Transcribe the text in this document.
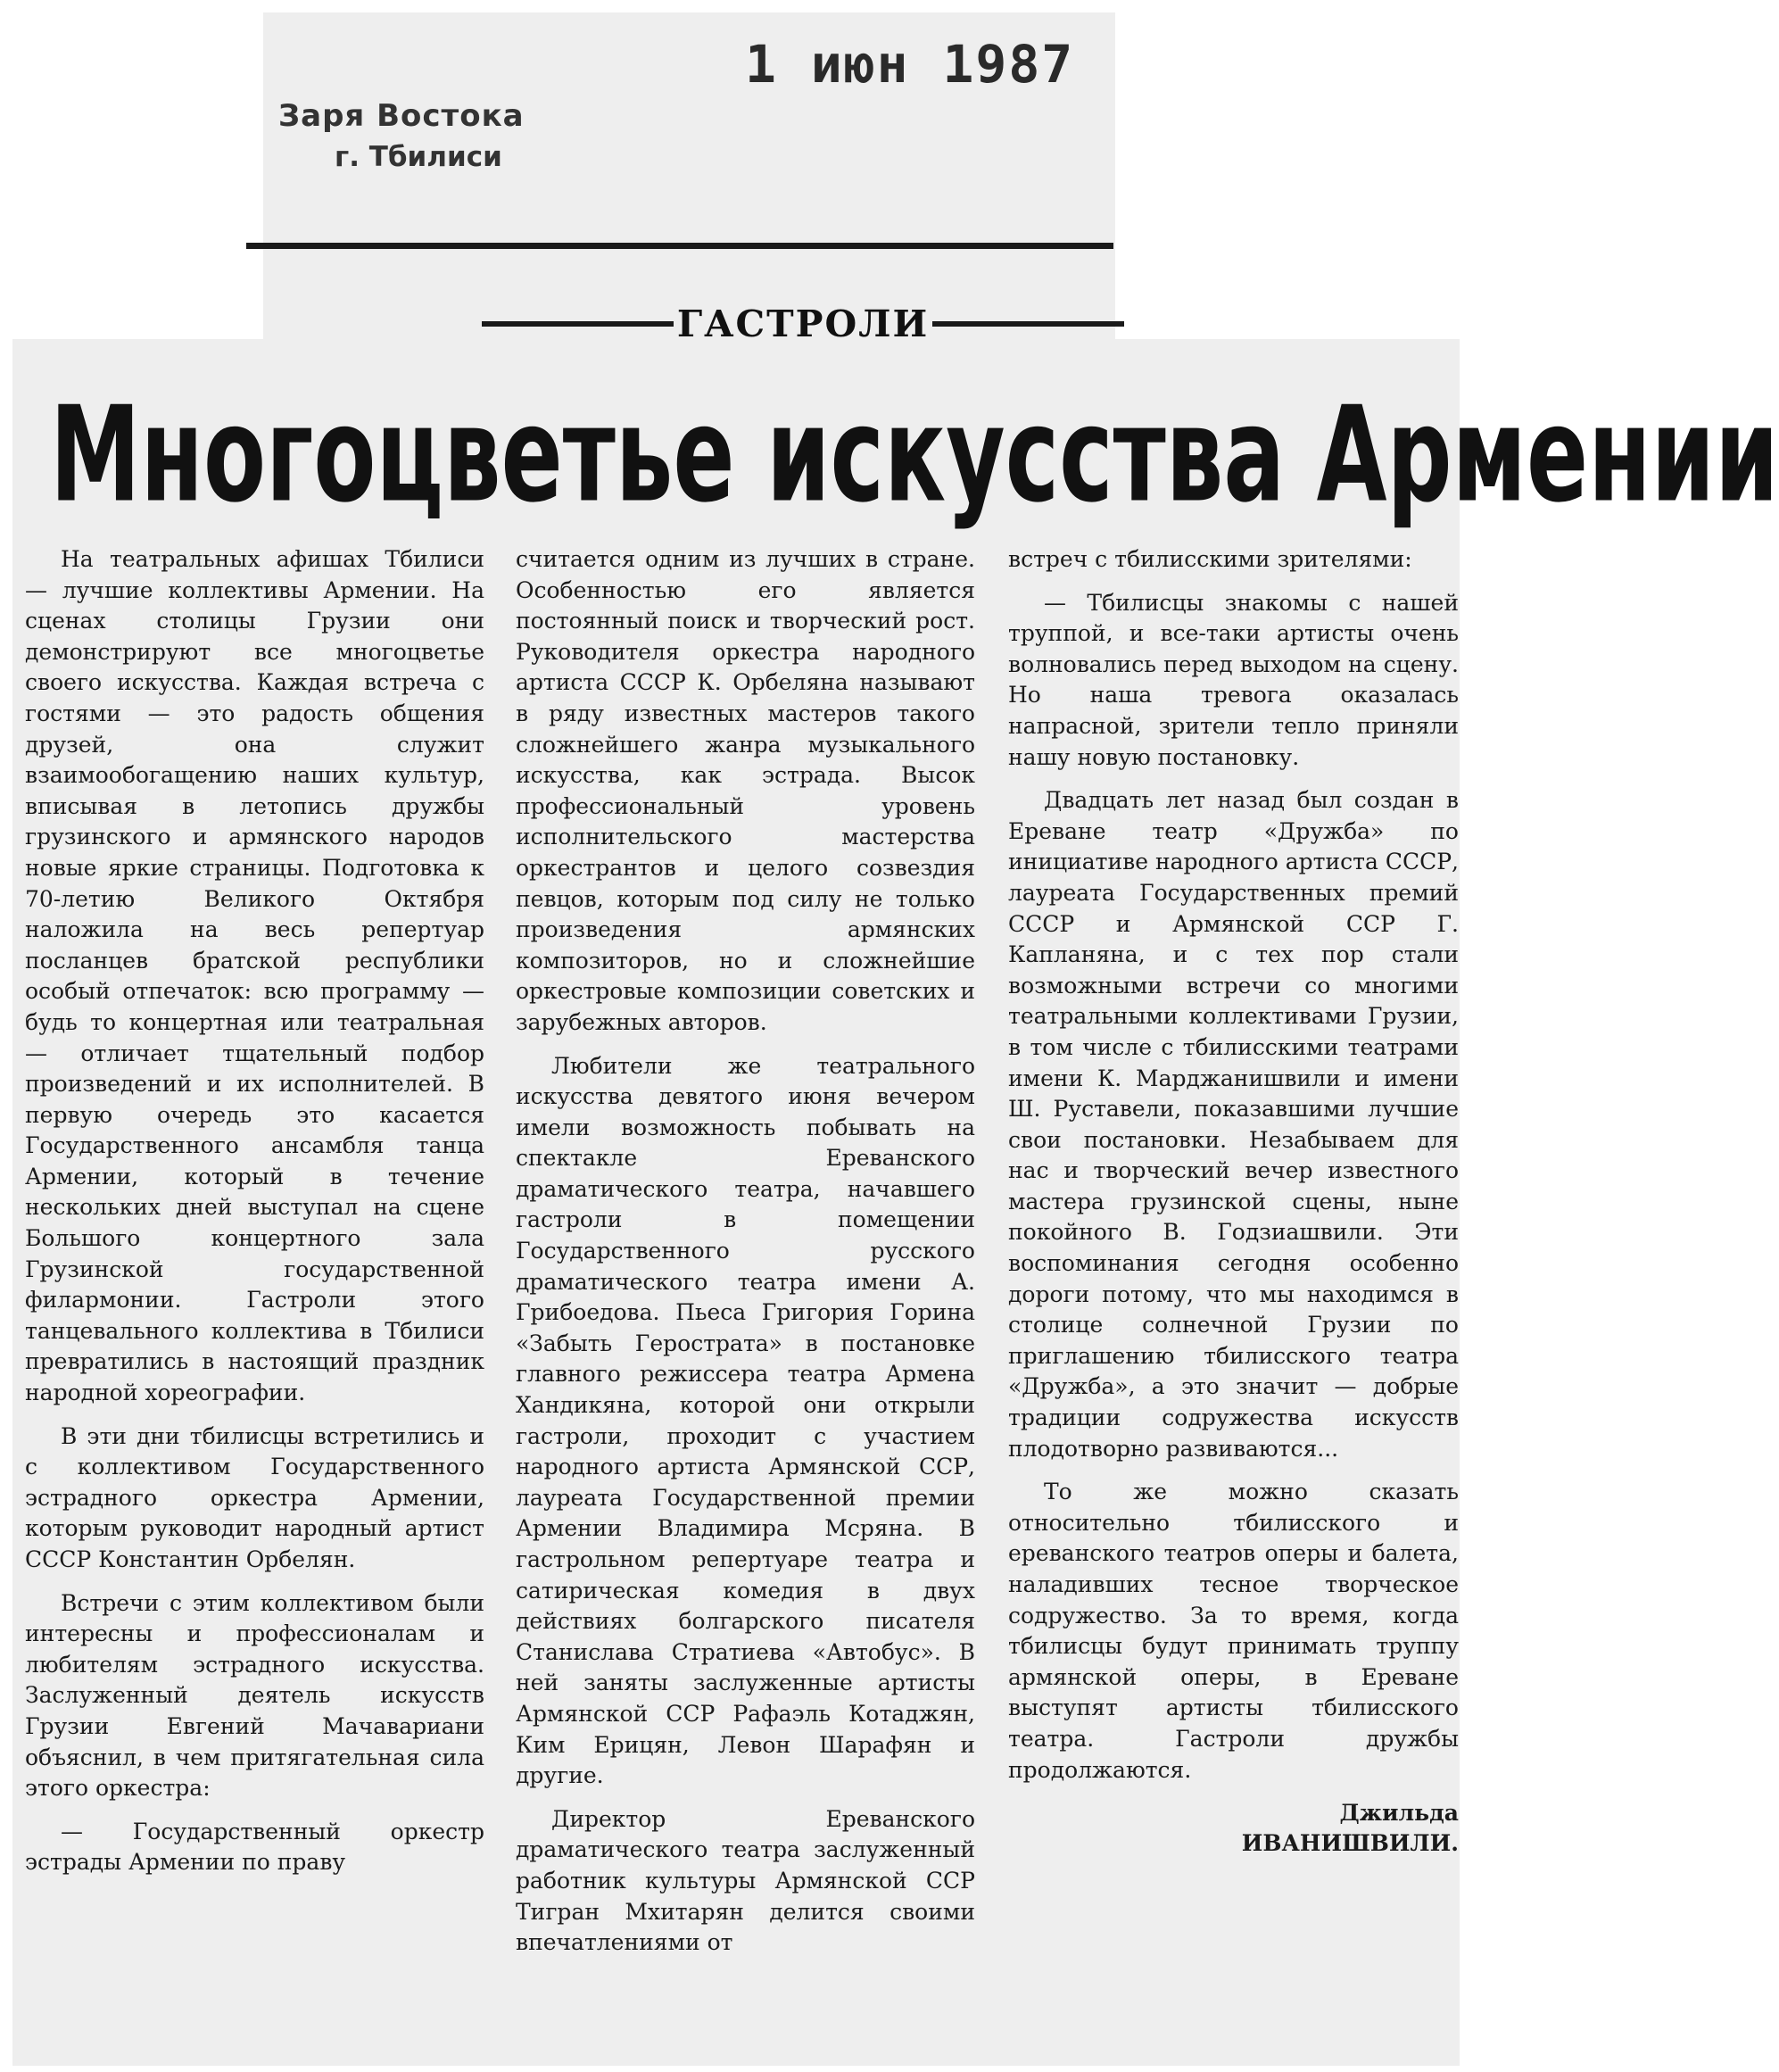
Заря Востока
г. Тбилиси
1 июн 1987
ГАСТРОЛИ
Многоцветье искусства Армении

На театральных афишах Тбилиси — лучшие коллективы Армении. На сценах столицы Грузии они демонстрируют все многоцветье своего искусства. Каждая встреча с гостями — это радость общения друзей, она служит взаимообогащению наших культур, вписывая в летопись дружбы грузинского и армянского народов новые яркие страницы. Подготовка к 70-летию Великого Октября наложила на весь репертуар посланцев братской республики особый отпечаток: всю программу — будь то концертная или театральная — отличает тщательный подбор произведений и их исполнителей. В первую очередь это касается Государственного ансамбля танца Армении, который в течение нескольких дней выступал на сцене Большого концертного зала Грузинской государственной филармонии. Гастроли этого танцевального коллектива в Тбилиси превратились в настоящий праздник народной хореографии.

В эти дни тбилисцы встретились и с коллективом Государственного эстрадного оркестра Армении, которым руководит народный артист СССР Константин Орбелян.

Встречи с этим коллективом были интересны и профессионалам и любителям эстрадного искусства. Заслуженный деятель искусств Грузии Евгений Мачавариани объяснил, в чем притягательная сила этого оркестра:

— Государственный оркестр эстрады Армении по праву

считается одним из лучших в стране. Особенностью его является постоянный поиск и творческий рост. Руководителя оркестра народного артиста СССР К. Орбеляна называют в ряду известных мастеров такого сложнейшего жанра музыкального искусства, как эстрада. Высок профессиональный уровень исполнительского мастерства оркестрантов и целого созвездия певцов, которым под силу не только произведения армянских композиторов, но и сложнейшие оркестровые композиции советских и зарубежных авторов.

Любители же театрального искусства девятого июня вечером имели возможность побывать на спектакле Ереванского драматического театра, начавшего гастроли в помещении Государственного русского драматического театра имени А. Грибоедова. Пьеса Григория Горина «Забыть Герострата» в постановке главного режиссера театра Армена Хандикяна, которой они открыли гастроли, проходит с участием народного артиста Армянской ССР, лауреата Государственной премии Армении Владимира Мсряна. В гастрольном репертуаре театра и сатирическая комедия в двух действиях болгарского писателя Станислава Стратиева «Автобус». В ней заняты заслуженные артисты Армянской ССР Рафаэль Котаджян, Ким Ерицян, Левон Шарафян и другие.

Директор Ереванского драматического театра заслуженный работник культуры Армянской ССР Тигран Мхитарян делится своими впечатлениями от

встреч с тбилисскими зрителями:

— Тбилисцы знакомы с нашей труппой, и все-таки артисты очень волновались перед выходом на сцену. Но наша тревога оказалась напрасной, зрители тепло приняли нашу новую постановку.

Двадцать лет назад был создан в Ереване театр «Дружба» по инициативе народного артиста СССР, лауреата Государственных премий СССР и Армянской ССР Г. Капланяна, и с тех пор стали возможными встречи со многими театральными коллективами Грузии, в том числе с тбилисскими театрами имени К. Марджанишвили и имени Ш. Руставели, показавшими лучшие свои постановки. Незабываем для нас и творческий вечер известного мастера грузинской сцены, ныне покойного В. Годзиашвили. Эти воспоминания сегодня особенно дороги потому, что мы находимся в столице солнечной Грузии по приглашению тбилисского театра «Дружба», а это значит — добрые традиции содружества искусств плодотворно развиваются...

То же можно сказать относительно тбилисского и ереванского театров оперы и балета, наладивших тесное творческое содружество. За то время, когда тбилисцы будут принимать труппу армянской оперы, в Ереване выступят артисты тбилисского театра. Гастроли дружбы продолжаются.

Джильда
ИВАНИШВИЛИ.
